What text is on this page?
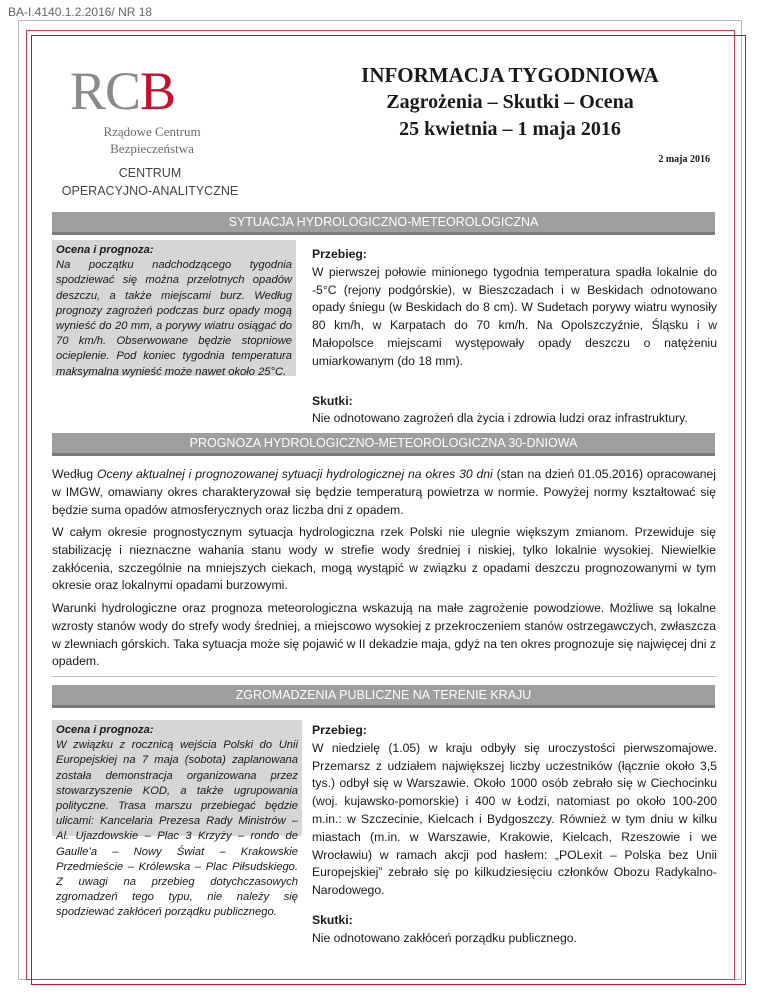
BA-I.4140.1.2.2016/ NR 18
RCB
Rządowe Centrum
Bezpieczeństwa
CENTRUM
OPERACYJNO-ANALITYCZNE
INFORMACJA TYGODNIOWA
Zagrożenia – Skutki – Ocena
25 kwietnia – 1 maja 2016
2 maja 2016
SYTUACJA HYDROLOGICZNO-METEOROLOGICZNA
Ocena i prognoza:
Na początku nadchodzącego tygodnia spodziewać się można przelotnych opadów deszczu, a także miejscami burz. Według prognozy zagrożeń podczas burz opady mogą wynieść do 20 mm, a porywy wiatru osiągać do 70 km/h. Obserwowane będzie stopniowe ocieplenie. Pod koniec tygodnia temperatura maksymalna wynieść może nawet około 25°C.
Przebieg:
W pierwszej połowie minionego tygodnia temperatura spadła lokalnie do -5°C (rejony podgórskie), w Bieszczadach i w Beskidach odnotowano opady śniegu (w Beskidach do 8 cm). W Sudetach porywy wiatru wynosiły 80 km/h, w Karpatach do 70 km/h. Na Opolszczyźnie, Śląsku i w Małopolsce miejscami występowały opady deszczu o natężeniu umiarkowanym (do 18 mm).
Skutki:
Nie odnotowano zagrożeń dla życia i zdrowia ludzi oraz infrastruktury.
PROGNOZA HYDROLOGICZNO-METEOROLOGICZNA 30-DNIOWA
Według Oceny aktualnej i prognozowanej sytuacji hydrologicznej na okres 30 dni (stan na dzień 01.05.2016) opracowanej w IMGW, omawiany okres charakteryzował się będzie temperaturą powietrza w normie. Powyżej normy kształtować się będzie suma opadów atmosferycznych oraz liczba dni z opadem.
W całym okresie prognostycznym sytuacja hydrologiczna rzek Polski nie ulegnie większym zmianom. Przewiduje się stabilizację i nieznaczne wahania stanu wody w strefie wody średniej i niskiej, tylko lokalnie wysokiej. Niewielkie zakłócenia, szczególnie na mniejszych ciekach, mogą wystąpić w związku z opadami deszczu prognozowanymi w tym okresie oraz lokalnymi opadami burzowymi.
Warunki hydrologiczne oraz prognoza meteorologiczna wskazują na małe zagrożenie powodziowe. Możliwe są lokalne wzrosty stanów wody do strefy wody średniej, a miejscowo wysokiej z przekroczeniem stanów ostrzegawczych, zwłaszcza w zlewniach górskich. Taka sytuacja może się pojawić w II dekadzie maja, gdyż na ten okres prognozuje się najwięcej dni z opadem.
ZGROMADZENIA PUBLICZNE NA TERENIE KRAJU
Ocena i prognoza:
W związku z rocznicą wejścia Polski do Unii Europejskiej na 7 maja (sobota) zaplanowana została demonstracja organizowana przez stowarzyszenie KOD, a także ugrupowania polityczne. Trasa marszu przebiegać będzie ulicami: Kancelaria Prezesa Rady Ministrów – Al. Ujazdowskie – Plac 3 Krzyży – rondo de Gaulle’a – Nowy Świat – Krakowskie Przedmieście – Królewska – Plac Piłsudskiego. Z uwagi na przebieg dotychczasowych zgromadzeń tego typu, nie należy się spodziewać zakłóceń porządku publicznego.
Przebieg:
W niedzielę (1.05) w kraju odbyły się uroczystości pierwszomajowe. Przemarsz z udziałem największej liczby uczestników (łącznie około 3,5 tys.) odbył się w Warszawie. Około 1000 osób zebrało się w Ciechocinku (woj. kujawsko-pomorskie) i 400 w Łodzi, natomiast po około 100-200 m.in.: w Szczecinie, Kielcach i Bydgoszczy. Również w tym dniu w kilku miastach (m.in. w Warszawie, Krakowie, Kielcach, Rzeszowie i we Wrocławiu) w ramach akcji pod hasłem: „POLexit – Polska bez Unii Europejskiej” zebrało się po kilkudziesięciu członków Obozu Radykalno-Narodowego.
Skutki:
Nie odnotowano zakłóceń porządku publicznego.
